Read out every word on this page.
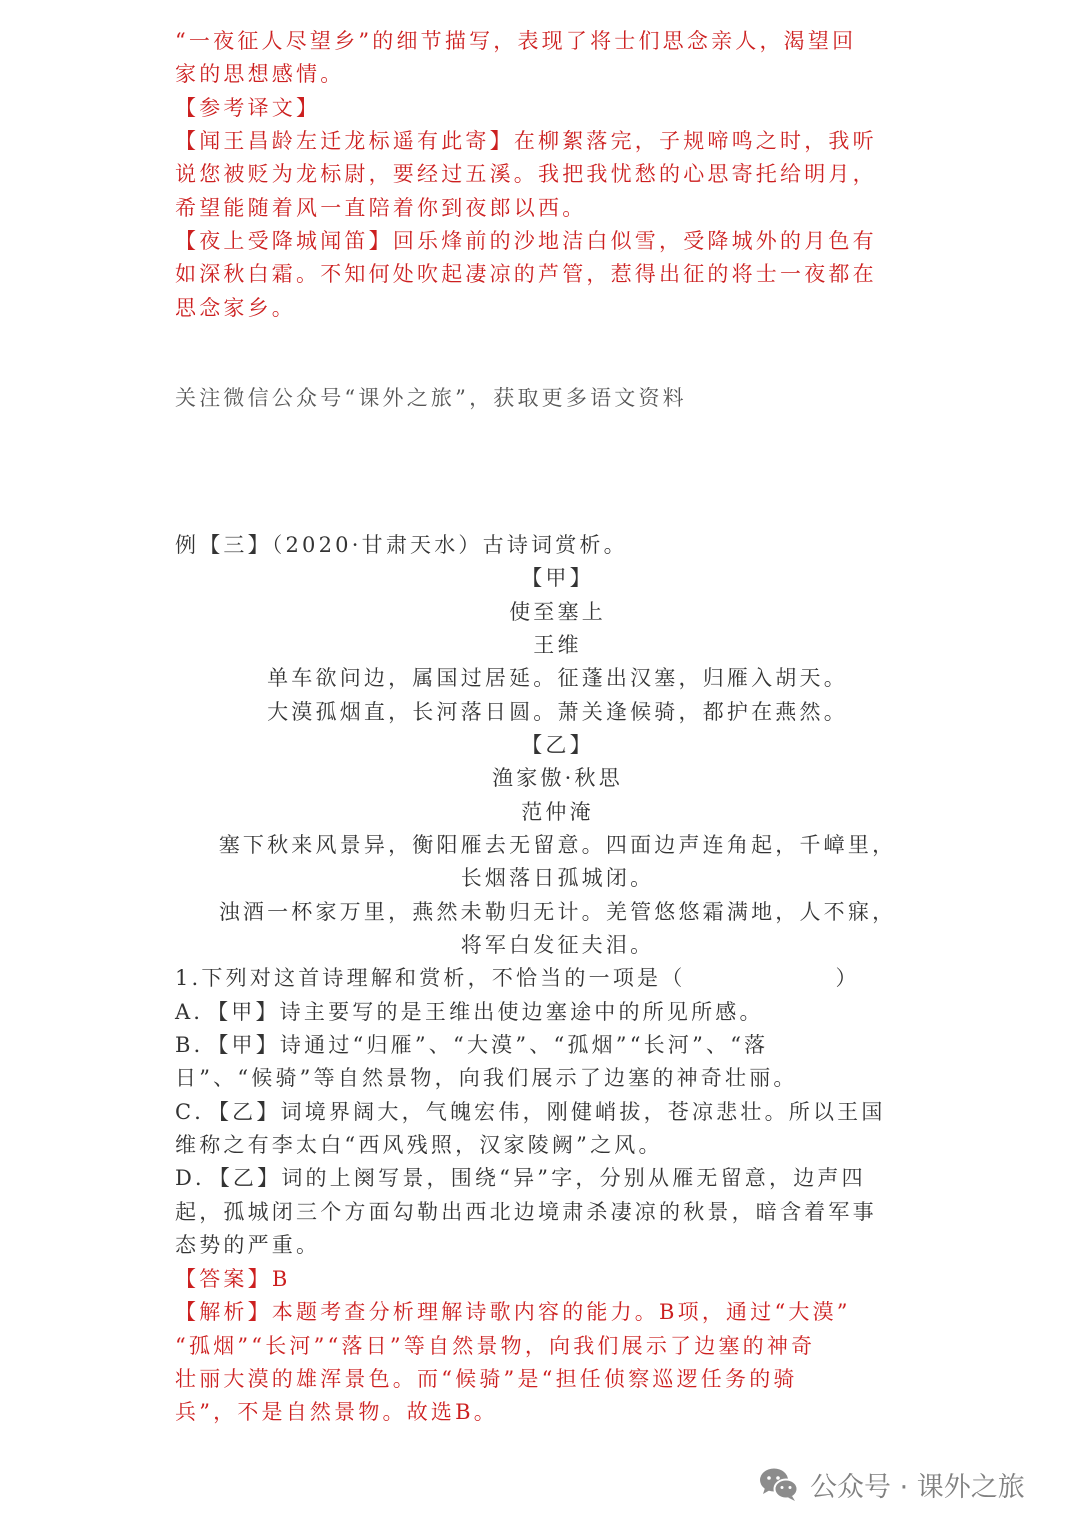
“一夜征人尽望乡”的细节描写，表现了将士们思念亲人，渴望回
家的思想感情。
【参考译文】
【闻王昌龄左迁龙标遥有此寄】在柳絮落完，子规啼鸣之时，我听
说您被贬为龙标尉，要经过五溪。我把我忧愁的心思寄托给明月，
希望能随着风一直陪着你到夜郎以西。
【夜上受降城闻笛】回乐烽前的沙地洁白似雪，受降城外的月色有
如深秋白霜。不知何处吹起凄凉的芦管，惹得出征的将士一夜都在
思念家乡。
关注微信公众号“课外之旅”，获取更多语文资料
例【三】（2020·甘肃天水）古诗词赏析。
【甲】
使至塞上
王维
单车欲问边，属国过居延。征蓬出汉塞，归雁入胡天。
大漠孤烟直，长河落日圆。萧关逢候骑，都护在燕然。
【乙】
渔家傲·秋思
范仲淹
塞下秋来风景异，衡阳雁去无留意。四面边声连角起，千嶂里，
长烟落日孤城闭。
浊酒一杯家万里，燕然未勒归无计。羌管悠悠霜满地，人不寐，
将军白发征夫泪。
1.下列对这首诗理解和赏析，不恰当的一项是（	）
A．【甲】诗主要写的是王维出使边塞途中的所见所感。
B．【甲】诗通过“归雁”、“大漠”、“孤烟”“长河”、“落
日”、“候骑”等自然景物，向我们展示了边塞的神奇壮丽。
C．【乙】词境界阔大，气魄宏伟，刚健峭拔，苍凉悲壮。所以王国
维称之有李太白“西风残照，汉家陵阙”之风。
D．【乙】词的上阕写景，围绕“异”字，分别从雁无留意，边声四
起，孤城闭三个方面勾勒出西北边境肃杀凄凉的秋景，暗含着军事
态势的严重。
【答案】B
【解析】本题考查分析理解诗歌内容的能力。B项，通过“大漠”
“孤烟”“长河”“落日”等自然景物，向我们展示了边塞的神奇
壮丽大漠的雄浑景色。而“候骑”是“担任侦察巡逻任务的骑
兵”，不是自然景物。故选B。
公众号 · 课外之旅
